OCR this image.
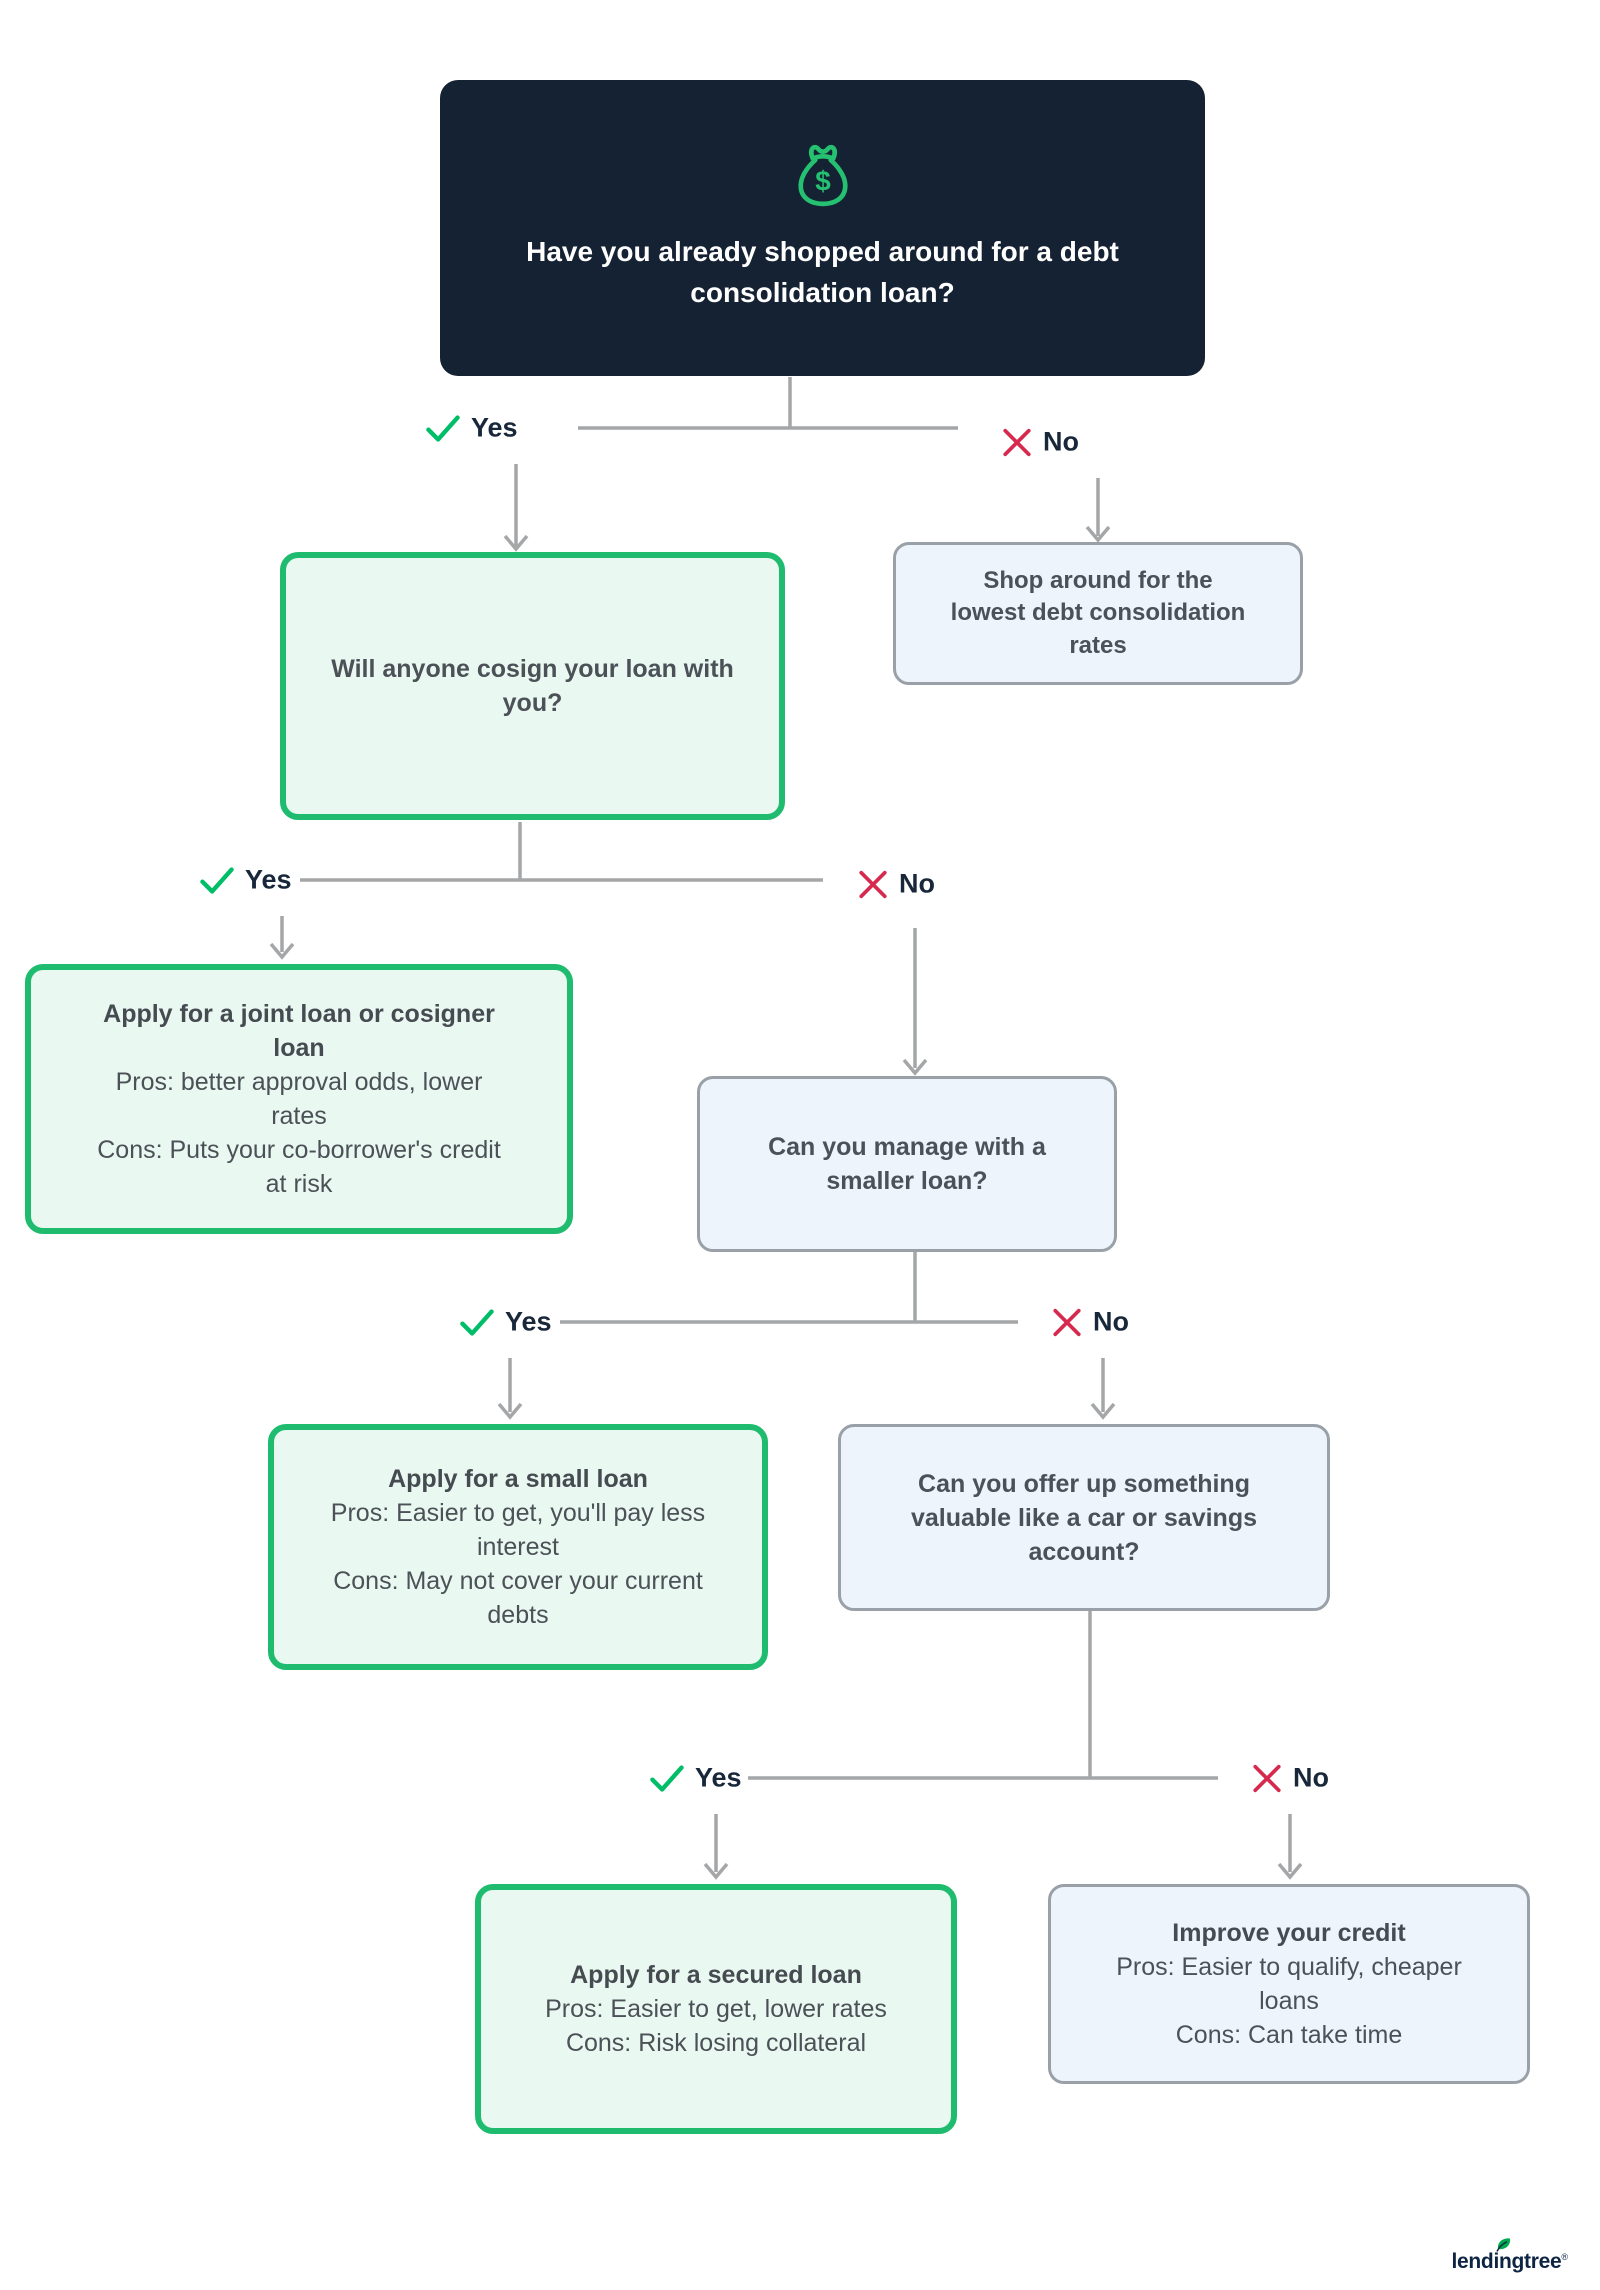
$
Have you already shopped around for a debt consolidation loan?
Yes	No
Will anyone cosign your loan with you?
Shop around for the lowest debt consolidation rates
Yes	No
Apply for a joint loan or cosigner loan
Pros: better approval odds, lower rates
Cons: Puts your co-borrower's credit at risk
Can you manage with a smaller loan?
Yes	No
Apply for a small loan
Pros: Easier to get, you'll pay less interest
Cons: May not cover your current debts
Can you offer up something valuable like a car or savings account?
Yes	No
Apply for a secured loan
Pros: Easier to get, lower rates
Cons: Risk losing collateral
Improve your credit
Pros: Easier to qualify, cheaper loans
Cons: Can take time
lendingtree ®
